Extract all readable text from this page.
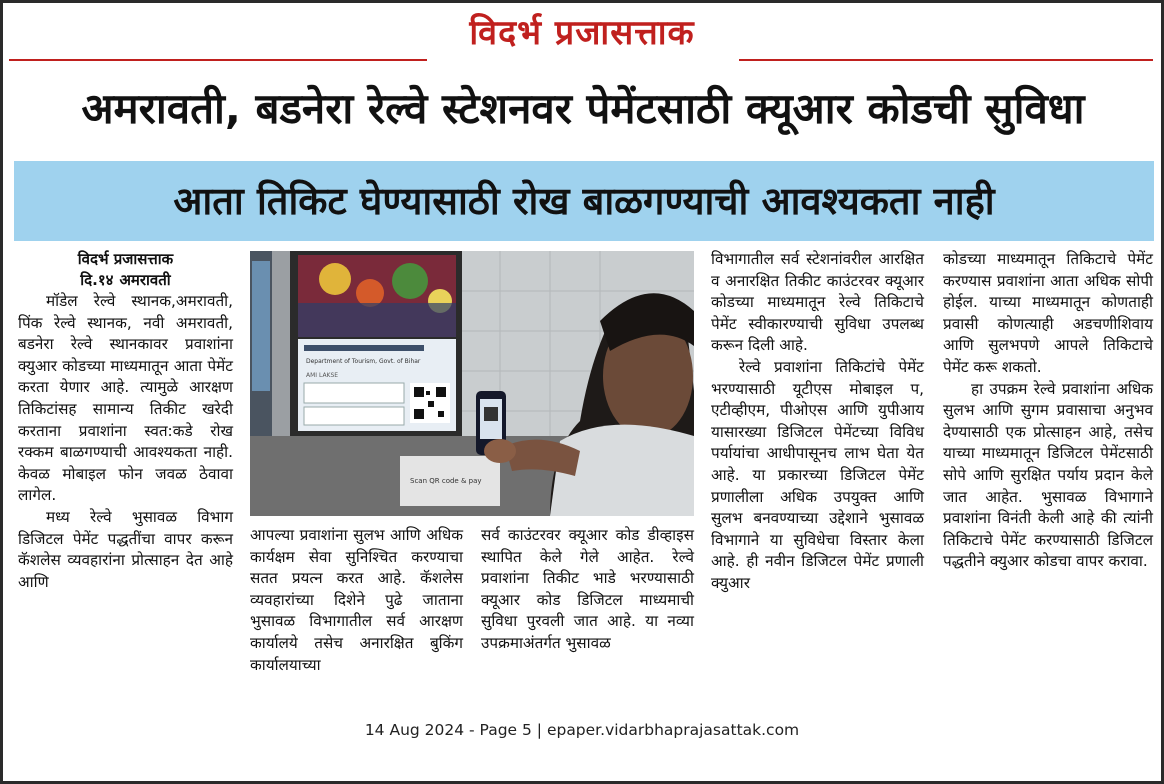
विदर्भ प्रजासत्ताक
अमरावती, बडनेरा रेल्वे स्टेशनवर पेमेंटसाठी क्यूआर कोडची सुविधा
आता तिकिट घेण्यासाठी रोख बाळगण्याची आवश्यकता नाही
विदर्भ प्रजासत्ताक
दि.१४ अमरावती

मॉडेल रेल्वे स्थानक,अमरावती, पिंक रेल्वे स्थानक, नवी अमरावती, बडनेरा रेल्वे स्थानकावर प्रवाशांना क्युआर कोडच्या माध्यमातून आता पेमेंट करता येणार आहे. त्यामुळे आरक्षण तिकिटांसह सामान्य तिकीट खरेदी करताना प्रवाशांना स्वत:कडे रोख रक्कम बाळगण्याची आवश्यकता नाही. केवळ मोबाइल फोन जवळ ठेवावा लागेल.

मध्य रेल्वे भुसावळ विभाग डिजिटल पेमेंट पद्धतींचा वापर करून कॅशलेस व्यवहारांना प्रोत्साहन देत आहे आणि

Department of Tourism, Govt. of Bihar
AMI LAKSE
Scan QR code & pay

आपल्या प्रवाशांना सुलभ आणि अधिक कार्यक्षम सेवा सुनिश्चित करण्याचा सतत प्रयत्न करत आहे. कॅशलेस व्यवहारांच्या दिशेने पुढे जाताना भुसावळ विभागातील सर्व आरक्षण कार्यालये तसेच अनारक्षित बुकिंग कार्यालयाच्या

सर्व काउंटरवर क्यूआर कोड डीव्हाइस स्थापित केले गेले आहेत. रेल्वे प्रवाशांना तिकीट भाडे भरण्यासाठी क्यूआर कोड डिजिटल माध्यमाची सुविधा पुरवली जात आहे. या नव्या उपक्रमाअंतर्गत भुसावळ

विभागातील सर्व स्टेशनांवरील आरक्षित व अनारक्षित तिकीट काउंटरवर क्यूआर कोडच्या माध्यमातून रेल्वे तिकिटाचे पेमेंट स्वीकारण्याची सुविधा उपलब्ध करून दिली आहे.

रेल्वे प्रवाशांना तिकिटांचे पेमेंट भरण्यासाठी यूटीएस मोबाइल प, एटीव्हीएम, पीओएस आणि युपीआय यासारख्या डिजिटल पेमेंटच्या विविध पर्यायांचा आधीपासूनच लाभ घेता येत आहे. या प्रकारच्या डिजिटल पेमेंट प्रणालीला अधिक उपयुक्त आणि सुलभ बनवण्याच्या उद्देशाने भुसावळ विभागाने या सुविधेचा विस्तार केला आहे. ही नवीन डिजिटल पेमेंट प्रणाली क्युआर

कोडच्या माध्यमातून तिकिटाचे पेमेंट करण्यास प्रवाशांना आता अधिक सोपी होईल. याच्या माध्यमातून कोणताही प्रवासी कोणत्याही अडचणीशिवाय आणि सुलभपणे आपले तिकिटाचे पेमेंट करू शकतो.

हा उपक्रम रेल्वे प्रवाशांना अधिक सुलभ आणि सुगम प्रवासाचा अनुभव देण्यासाठी एक प्रोत्साहन आहे, तसेच याच्या माध्यमातून डिजिटल पेमेंटसाठी सोपे आणि सुरक्षित पर्याय प्रदान केले जात आहेत. भुसावळ विभागाने प्रवाशांना विनंती केली आहे की त्यांनी तिकिटाचे पेमेंट करण्यासाठी डिजिटल पद्धतीने क्युआर कोडचा वापर करावा.

14 Aug 2024 - Page 5 | epaper.vidarbhaprajasattak.com
